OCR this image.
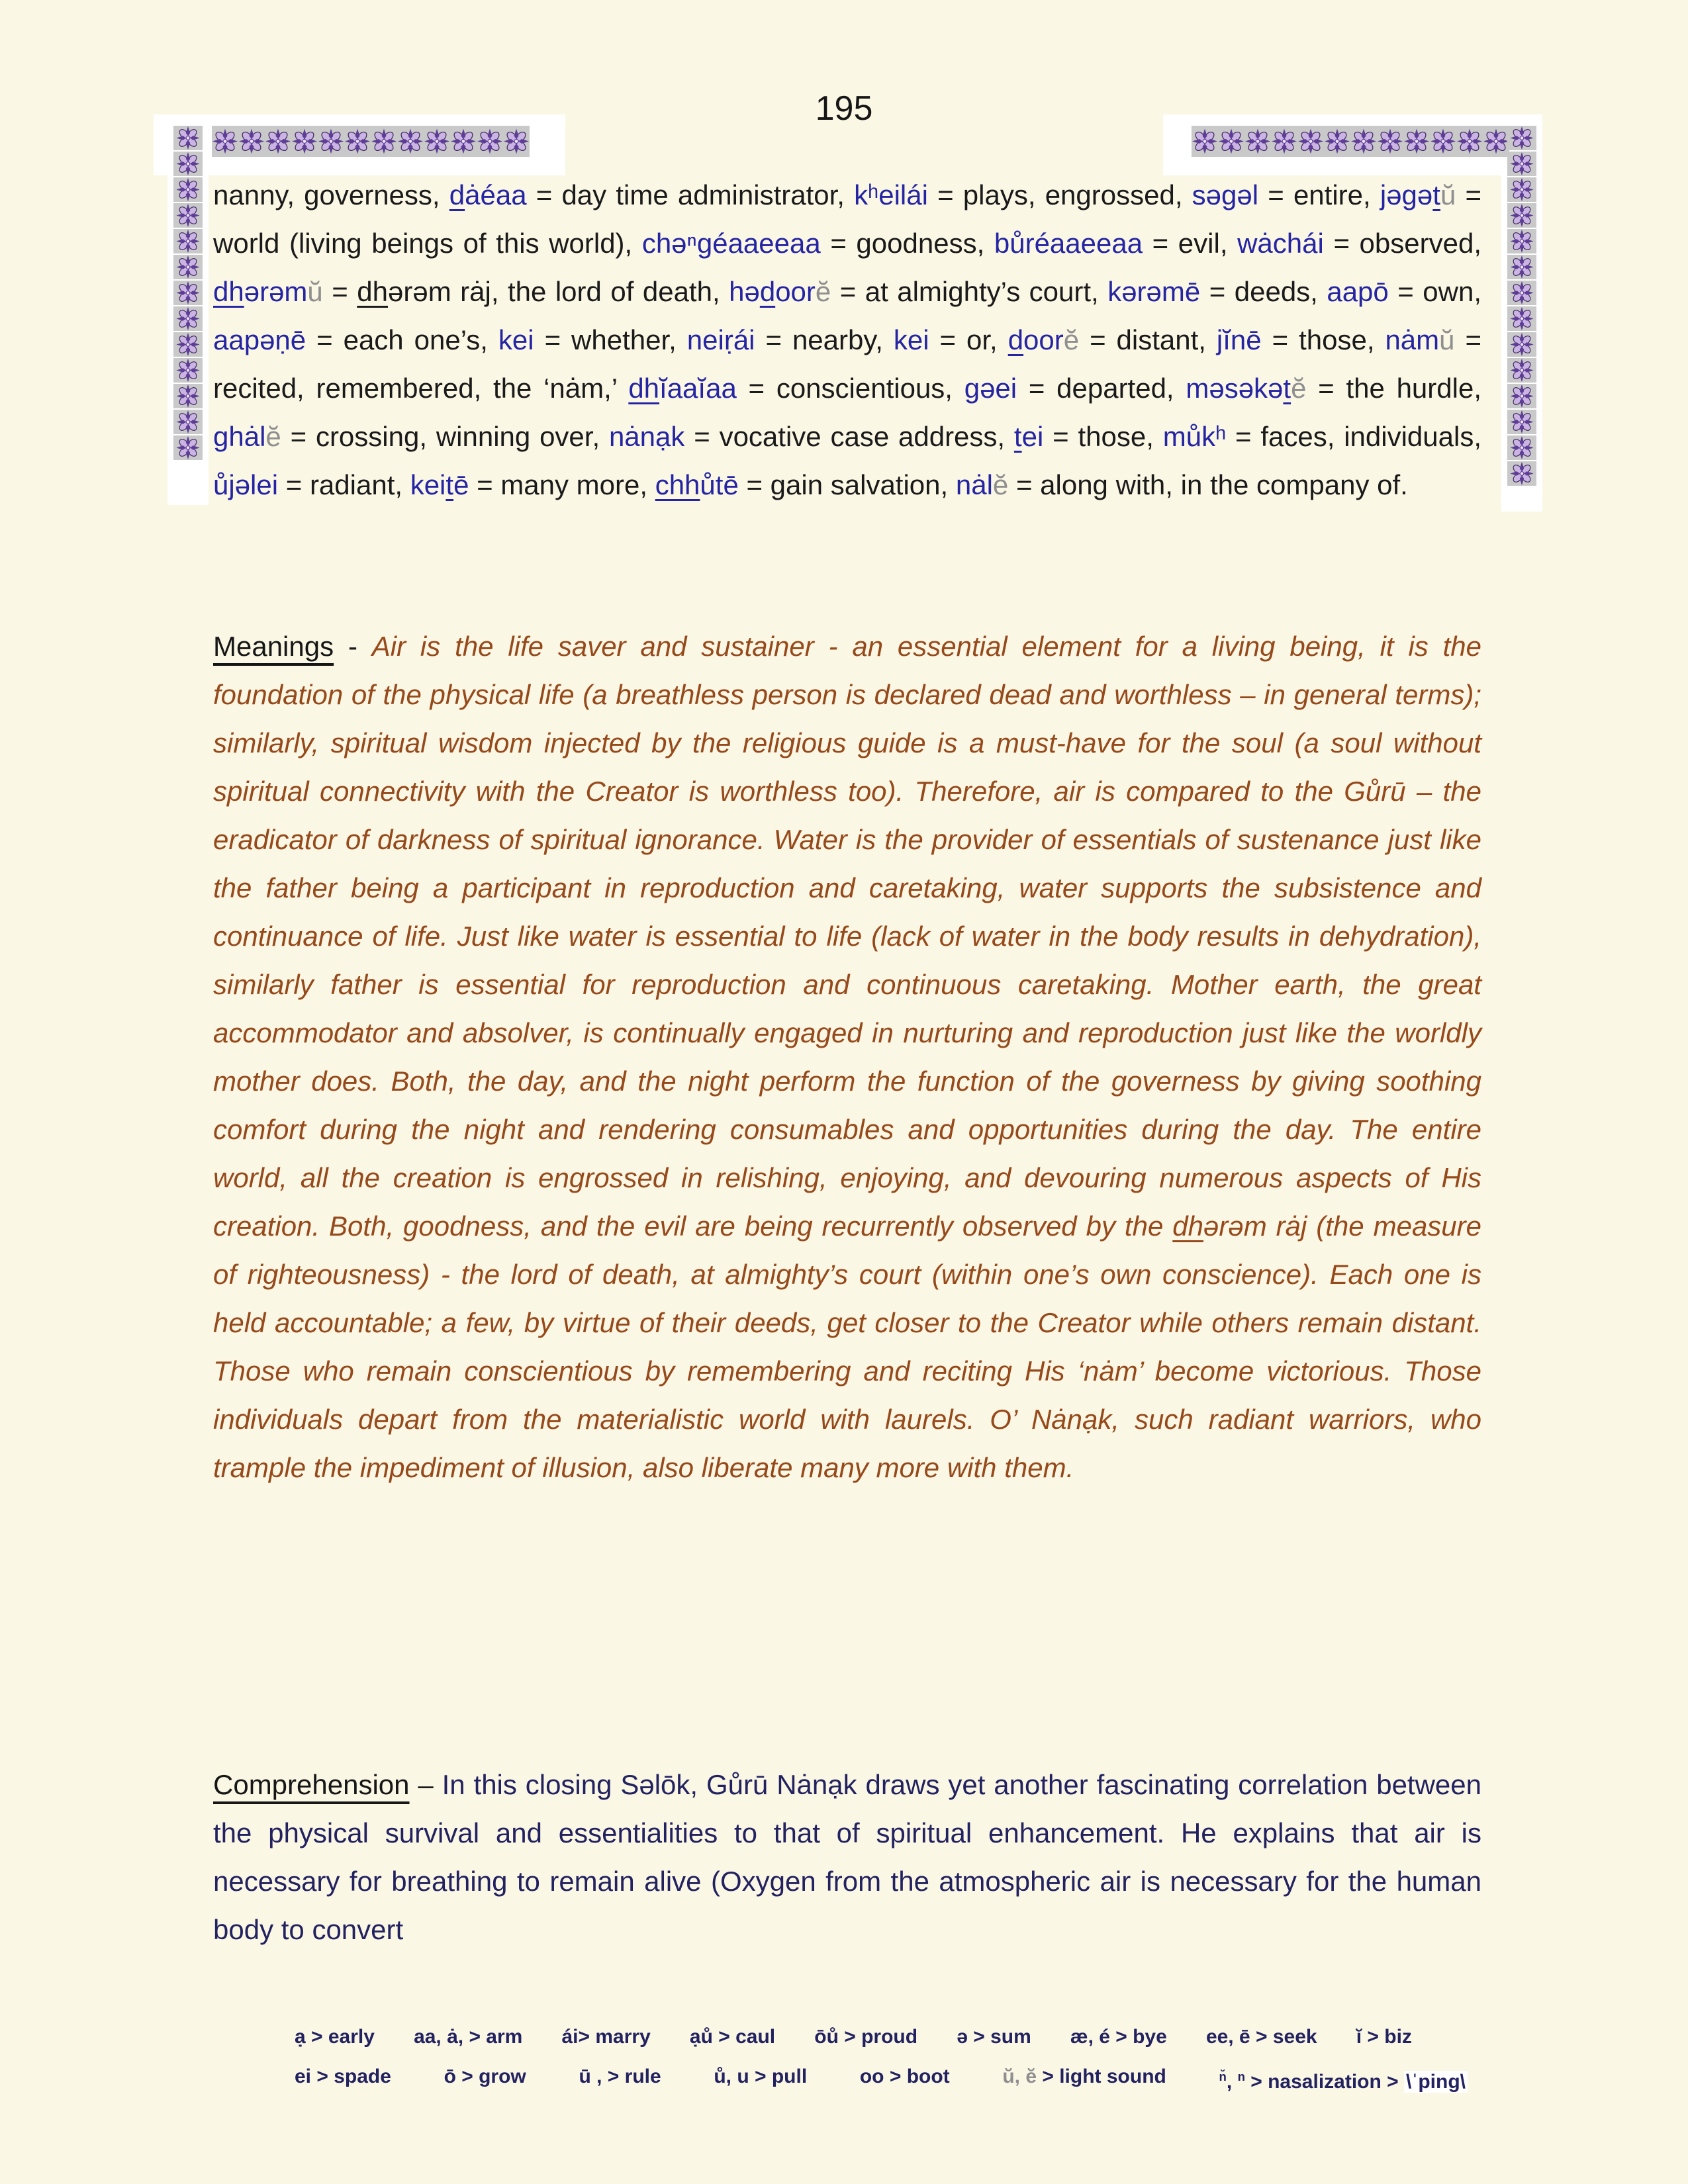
195
nanny, governess, dȧéaa = day time administrator, kʰeilái = plays, engrossed, səgəl = entire, jəgətŭ = world (living beings of this world), chəⁿgéaaeeaa = goodness, bůréaaeeaa = evil, wȧchái = observed, dhərəmŭ = dhərəm rȧj, the lord of death, hədoorĕ = at almighty’s court, kərəmē = deeds, aapō = own, aapəṇē = each one’s, kei = whether, neiṛái = nearby, kei = or, doorĕ = distant, jĭnē = those, nȧmŭ = recited, remembered, the ‘nȧm,’ dhĭaaĭaa = conscientious, gəei = departed, məsəkətĕ = the hurdle, ghȧlĕ = crossing, winning over, nȧnạk = vocative case address, tei = those, můkʰ = faces, individuals, ůjəlei = radiant, keitē = many more, chhůtē = gain salvation, nȧlĕ = along with, in the company of.
Meanings - Air is the life saver and sustainer - an essential element for a living being, it is the foundation of the physical life (a breathless person is declared dead and worthless – in general terms); similarly, spiritual wisdom injected by the religious guide is a must-have for the soul (a soul without spiritual connectivity with the Creator is worthless too). Therefore, air is compared to the Gůrū – the eradicator of darkness of spiritual ignorance. Water is the provider of essentials of sustenance just like the father being a participant in reproduction and caretaking, water supports the subsistence and continuance of life. Just like water is essential to life (lack of water in the body results in dehydration), similarly father is essential for reproduction and continuous caretaking. Mother earth, the great accommodator and absolver, is continually engaged in nurturing and reproduction just like the worldly mother does. Both, the day, and the night perform the function of the governess by giving soothing comfort during the night and rendering consumables and opportunities during the day. The entire world, all the creation is engrossed in relishing, enjoying, and devouring numerous aspects of His creation. Both, goodness, and the evil are being recurrently observed by the dhərəm rȧj (the measure of righteousness) - the lord of death, at almighty’s court (within one’s own conscience). Each one is held accountable; a few, by virtue of their deeds, get closer to the Creator while others remain distant. Those who remain conscientious by remembering and reciting His ‘nȧm’ become victorious. Those individuals depart from the materialistic world with laurels. O’ Nȧnạk, such radiant warriors, who trample the impediment of illusion, also liberate many more with them.
Comprehension – In this closing Səlōk, Gůrū Nȧnạk draws yet another fascinating correlation between the physical survival and essentialities to that of spiritual enhancement. He explains that air is necessary for breathing to remain alive (Oxygen from the atmospheric air is necessary for the human body to convert
ạ > early aa, ȧ, > arm ái> marry ạů > caul ōů > proud ə > sum æ, é > bye ee, ē > seek ĭ > biz
ei > spade	ō > grow	ū , > rule	ů, u > pull	oo > boot	ŭ, ĕ > light sound	$^{n̆}$, $^n$ > nasalization > \ˈping\
